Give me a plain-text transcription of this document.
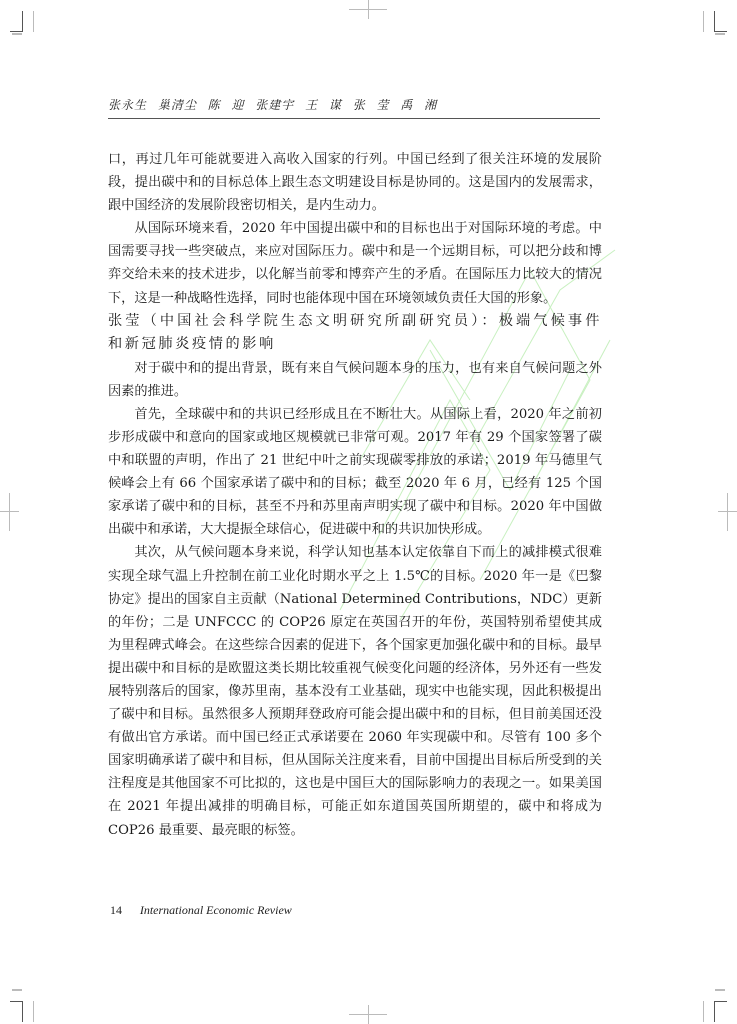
张永生 巢清尘 陈 迎 张建宇 王 谋 张 莹 禹 湘

口，再过几年可能就要进入高收入国家的行列。中国已经到了很关注环境的发展阶段，提出碳中和的目标总体上跟生态文明建设目标是协同的。这是国内的发展需求，跟中国经济的发展阶段密切相关，是内生动力。

从国际环境来看，2020 年中国提出碳中和的目标也出于对国际环境的考虑。中国需要寻找一些突破点，来应对国际压力。碳中和是一个远期目标，可以把分歧和博弈交给未来的技术进步，以化解当前零和博弈产生的矛盾。在国际压力比较大的情况下，这是一种战略性选择，同时也能体现中国在环境领域负责任大国的形象。

张莹（中国社会科学院生态文明研究所副研究员）：极端气候事件和新冠肺炎疫情的影响

对于碳中和的提出背景，既有来自气候问题本身的压力，也有来自气候问题之外因素的推进。

首先，全球碳中和的共识已经形成且在不断壮大。从国际上看，2020 年之前初步形成碳中和意向的国家或地区规模就已非常可观。2017 年有 29 个国家签署了碳中和联盟的声明，作出了 21 世纪中叶之前实现碳零排放的承诺；2019 年马德里气候峰会上有 66 个国家承诺了碳中和的目标；截至 2020 年 6 月，已经有 125 个国家承诺了碳中和的目标，甚至不丹和苏里南声明实现了碳中和目标。2020 年中国做出碳中和承诺，大大提振全球信心，促进碳中和的共识加快形成。

其次，从气候问题本身来说，科学认知也基本认定依靠自下而上的减排模式很难实现全球气温上升控制在前工业化时期水平之上 1.5℃的目标。2020 年一是《巴黎协定》提出的国家自主贡献（National Determined Contributions，NDC）更新的年份；二是 UNFCCC 的 COP26 原定在英国召开的年份，英国特别希望使其成为里程碑式峰会。在这些综合因素的促进下，各个国家更加强化碳中和的目标。最早提出碳中和目标的是欧盟这类长期比较重视气候变化问题的经济体，另外还有一些发展特别落后的国家，像苏里南，基本没有工业基础，现实中也能实现，因此积极提出了碳中和目标。虽然很多人预期拜登政府可能会提出碳中和的目标，但目前美国还没有做出官方承诺。而中国已经正式承诺要在 2060 年实现碳中和。尽管有 100 多个国家明确承诺了碳中和目标，但从国际关注度来看，目前中国提出目标后所受到的关注程度是其他国家不可比拟的，这也是中国巨大的国际影响力的表现之一。如果美国在 2021 年提出减排的明确目标，可能正如东道国英国所期望的，碳中和将成为 COP26 最重要、最亮眼的标签。

14 International Economic Review
